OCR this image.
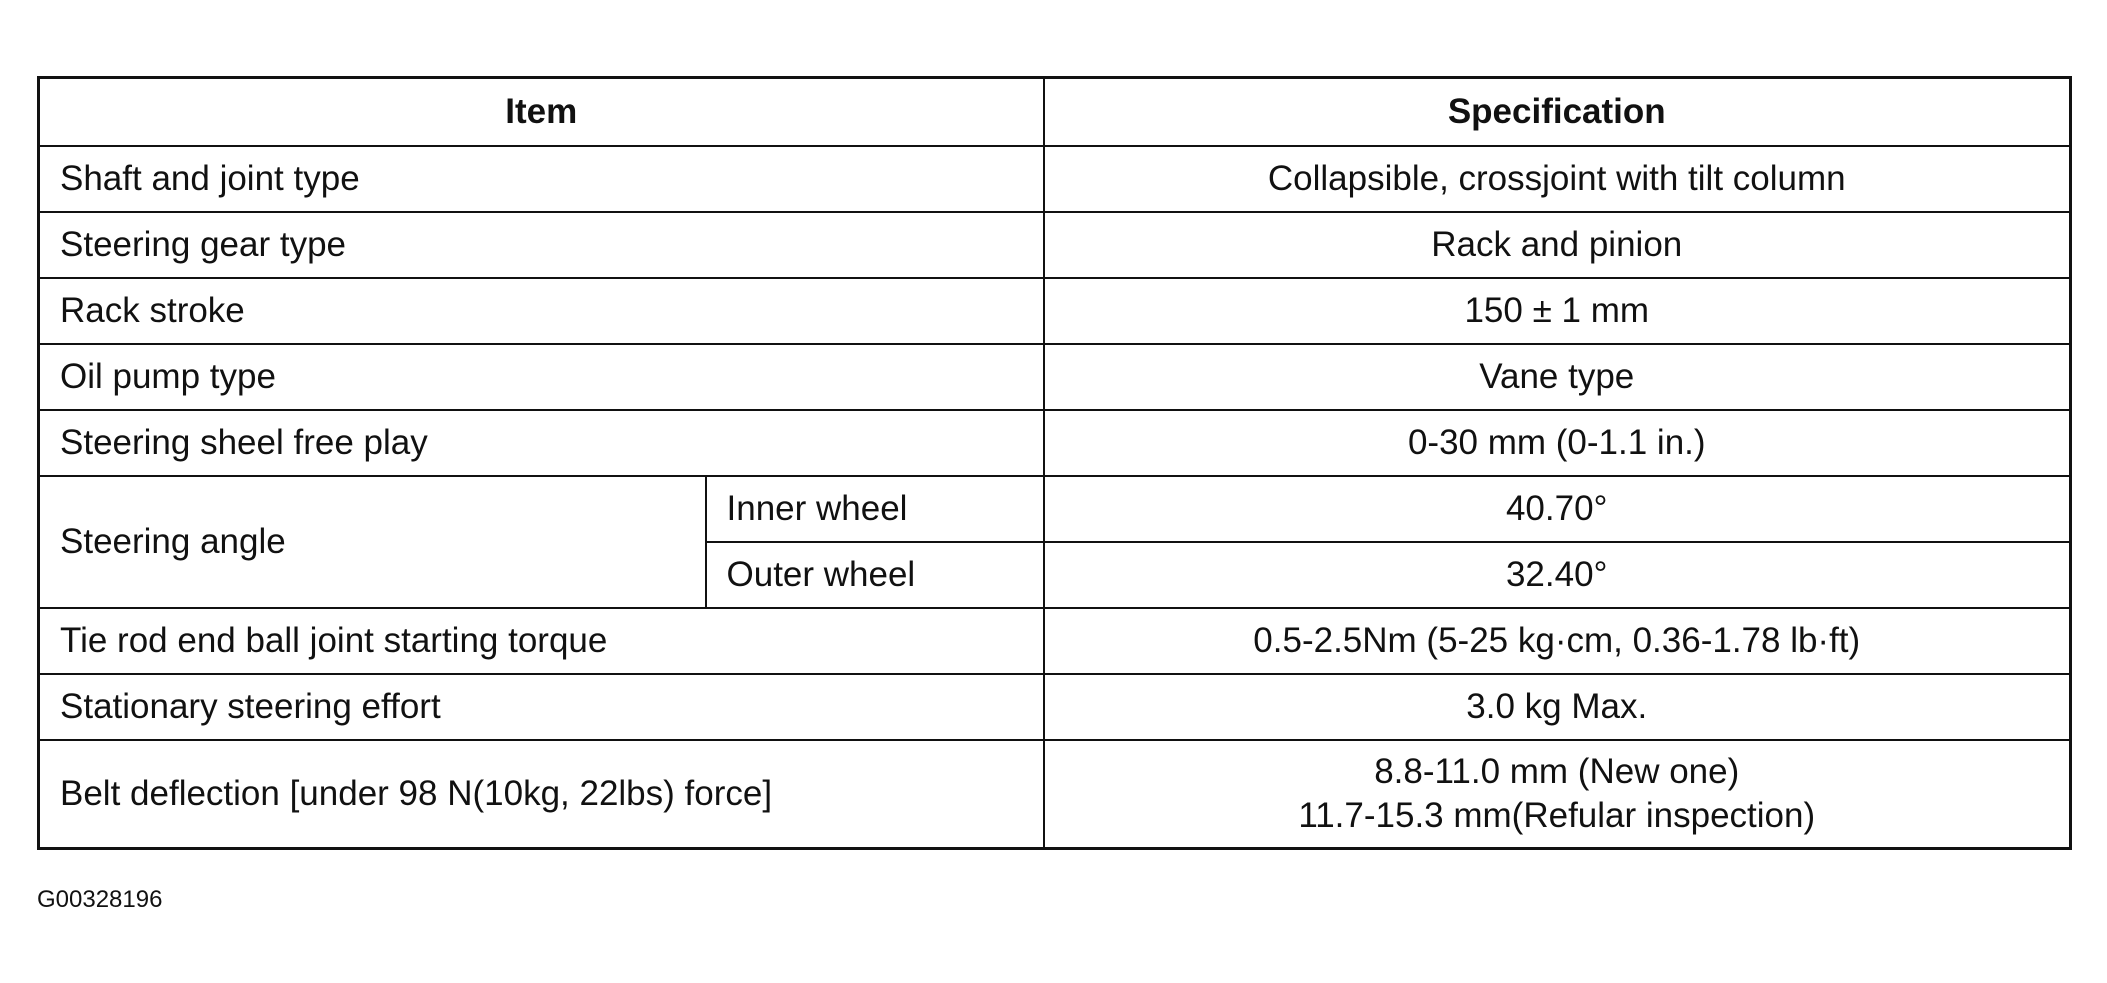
Item		Specification
Shaft and joint type		Collapsible, crossjoint with tilt column
Steering gear type		Rack and pinion
Rack stroke		150 ± 1 mm
Oil pump type		Vane type
Steering sheel free play		0-30 mm (0-1.1 in.)
Steering angle	Inner wheel	40.70°
	Outer wheel	32.40°
Tie rod end ball joint starting torque		0.5-2.5Nm (5-25 kg·cm, 0.36-1.78 lb·ft)
Stationary steering effort		3.0 kg Max.
Belt deflection [under 98 N(10kg, 22lbs) force]		8.8-11.0 mm (New one)
11.7-15.3 mm(Refular inspection)
G00328196
